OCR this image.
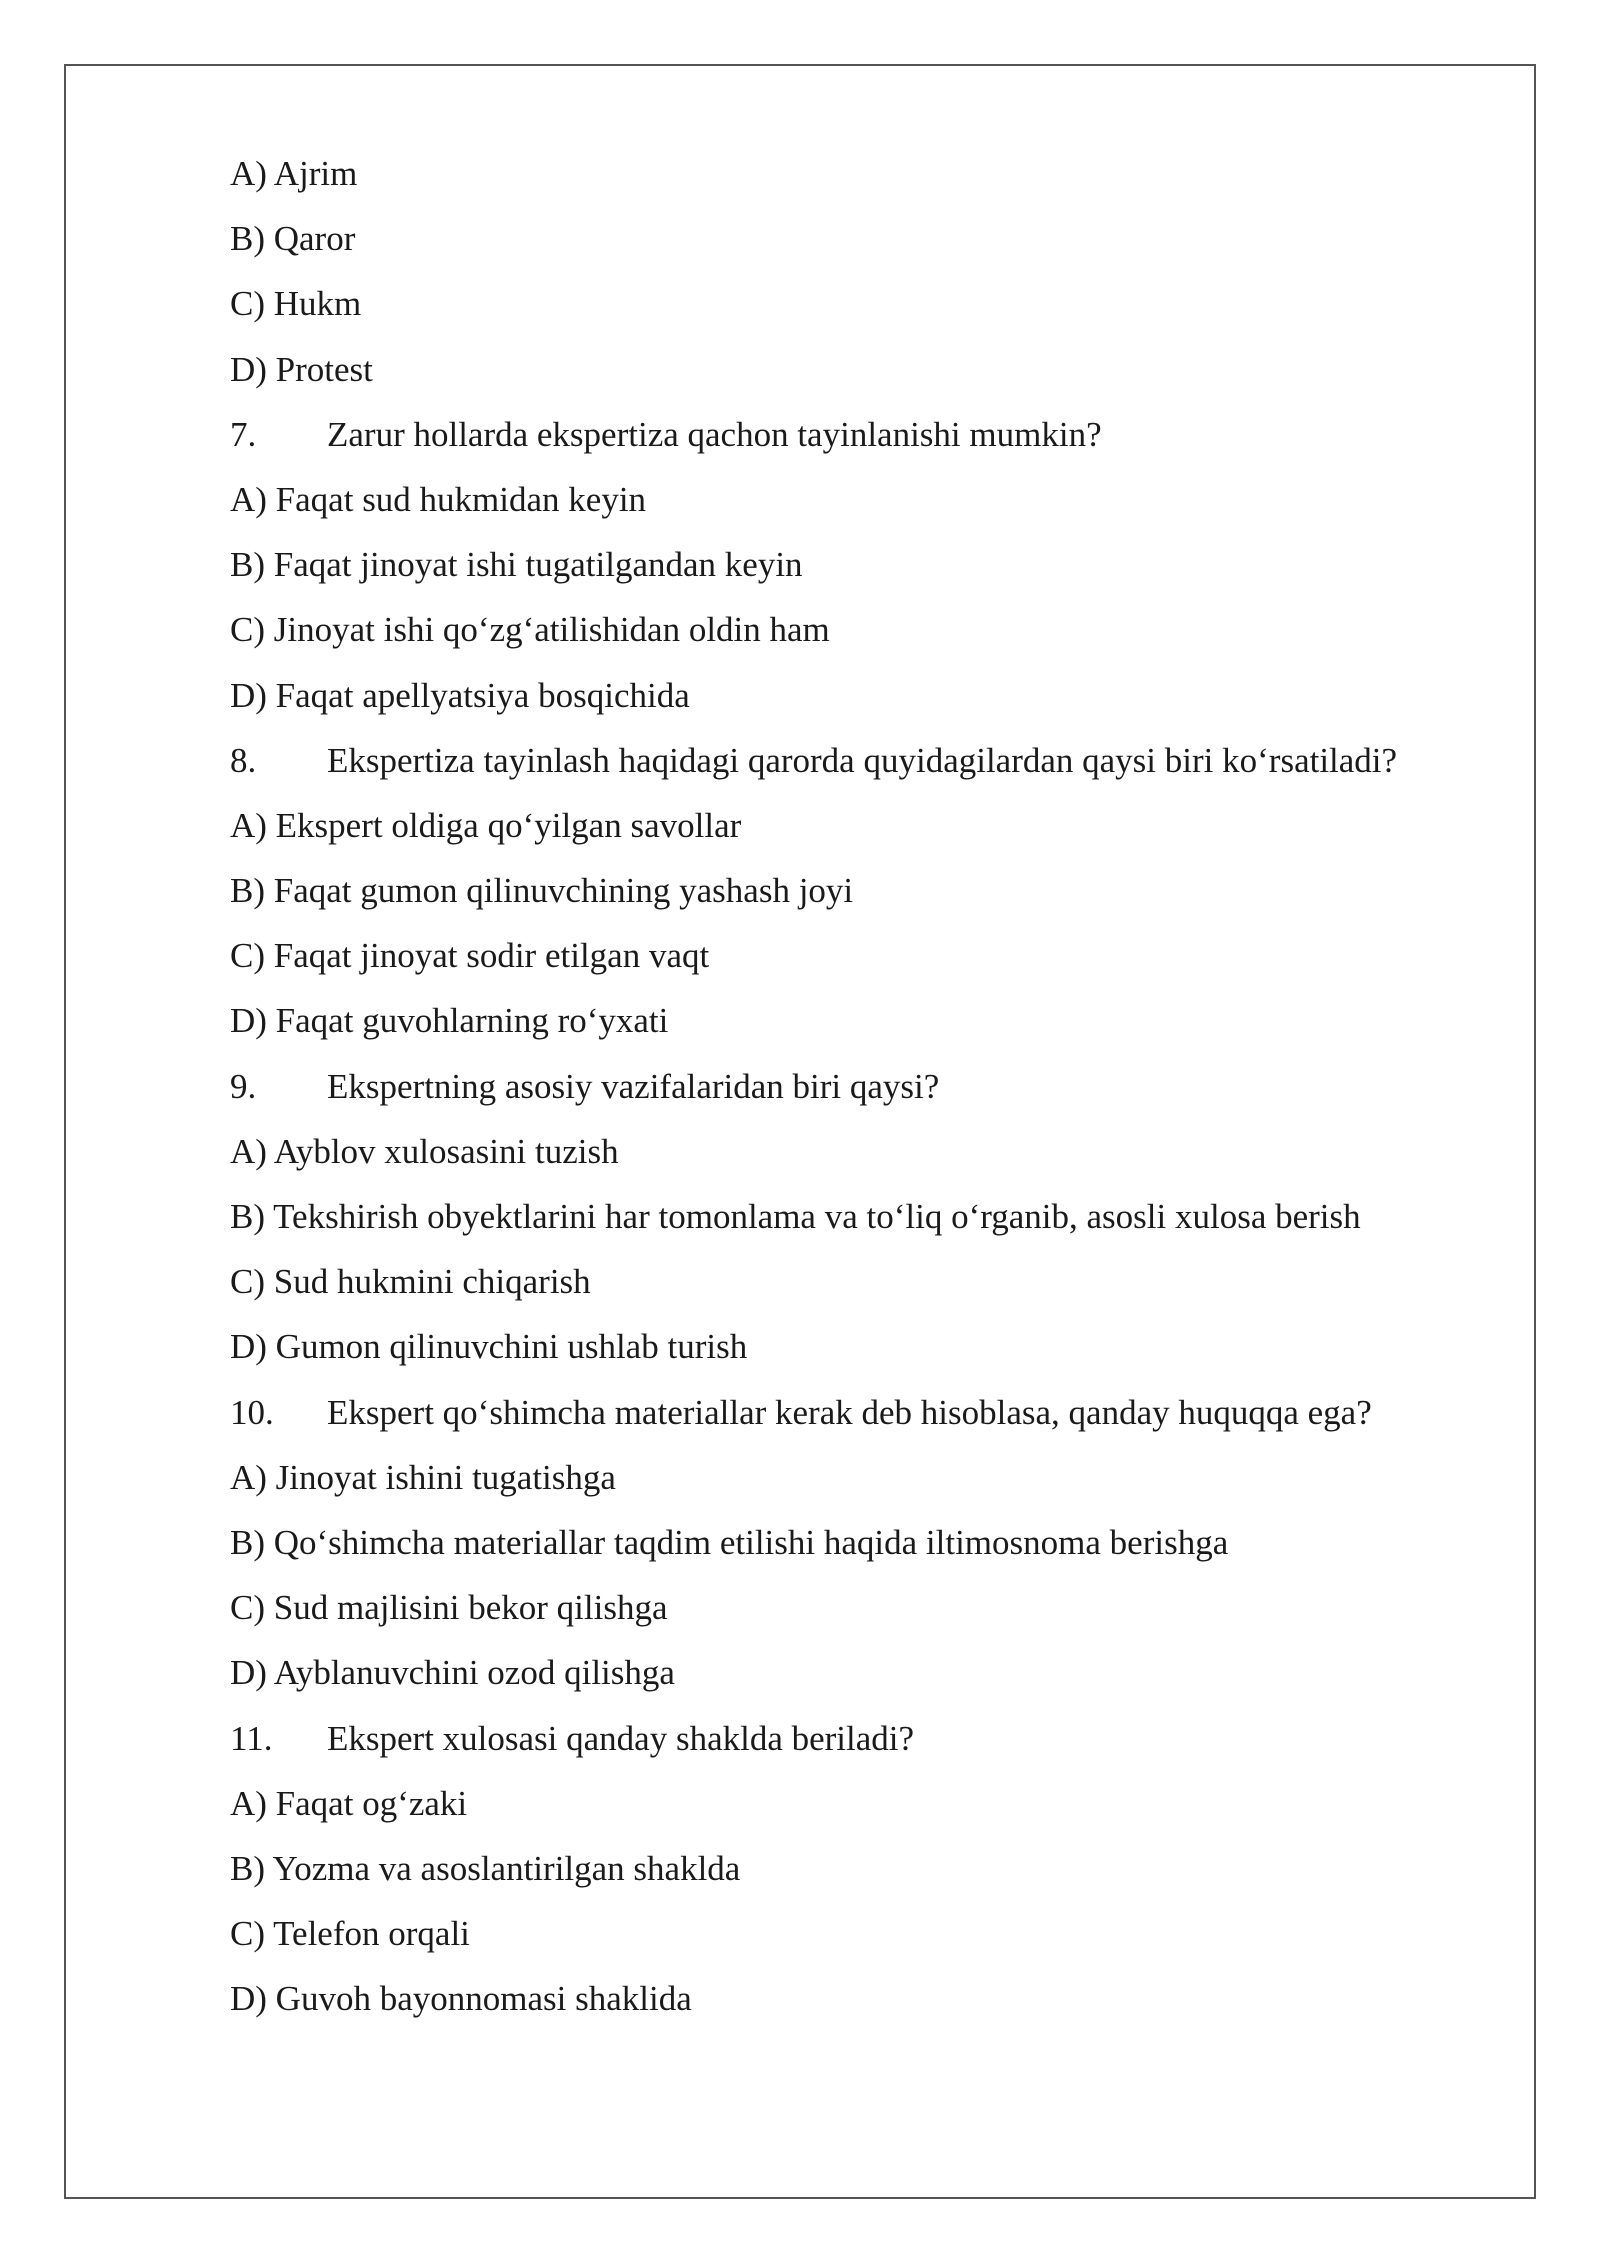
A) Ajrim
B) Qaror
C) Hukm
D) Protest
7. Zarur hollarda ekspertiza qachon tayinlanishi mumkin?
A) Faqat sud hukmidan keyin
B) Faqat jinoyat ishi tugatilgandan keyin
C) Jinoyat ishi qo‘zg‘atilishidan oldin ham
D) Faqat apellyatsiya bosqichida
8. Ekspertiza tayinlash haqidagi qarorda quyidagilardan qaysi biri ko‘rsatiladi?
A) Ekspert oldiga qo‘yilgan savollar
B) Faqat gumon qilinuvchining yashash joyi
C) Faqat jinoyat sodir etilgan vaqt
D) Faqat guvohlarning ro‘yxati
9. Ekspertning asosiy vazifalaridan biri qaysi?
A) Ayblov xulosasini tuzish
B) Tekshirish obyektlarini har tomonlama va to‘liq o‘rganib, asosli xulosa berish
C) Sud hukmini chiqarish
D) Gumon qilinuvchini ushlab turish
10. Ekspert qo‘shimcha materiallar kerak deb hisoblasa, qanday huquqqa ega?
A) Jinoyat ishini tugatishga
B) Qo‘shimcha materiallar taqdim etilishi haqida iltimosnoma berishga
C) Sud majlisini bekor qilishga
D) Ayblanuvchini ozod qilishga
11. Ekspert xulosasi qanday shaklda beriladi?
A) Faqat og‘zaki
B) Yozma va asoslantirilgan shaklda
C) Telefon orqali
D) Guvoh bayonnomasi shaklida
